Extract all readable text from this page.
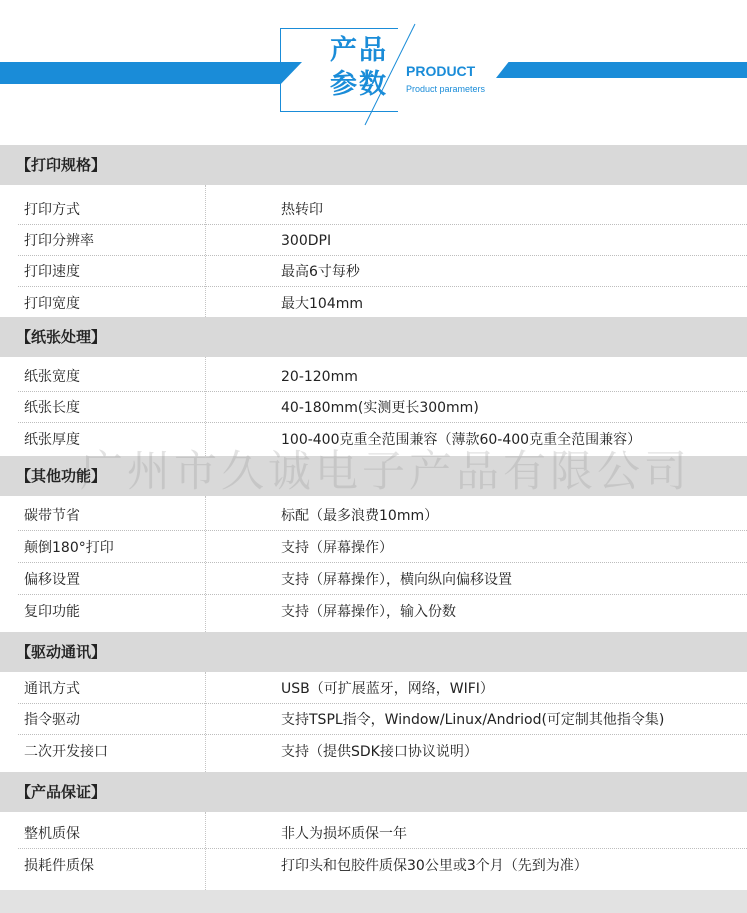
产品
参数	PRODUCT
Product parameters
【打印规格】
打印方式	热转印
打印分辨率	300DPI
打印速度	最高6寸每秒
打印宽度	最大104mm
【纸张处理】
纸张宽度	20-120mm
纸张长度	40-180mm(实测更长300mm)
纸张厚度	100-400克重全范围兼容（薄款60-400克重全范围兼容）
【其他功能】
碳带节省	标配（最多浪费10mm）
颠倒180°打印	支持（屏幕操作）
偏移设置	支持（屏幕操作），横向纵向偏移设置
复印功能	支持（屏幕操作），输入份数
【驱动通讯】
通讯方式	USB（可扩展蓝牙，网络，WIFI）
指令驱动	支持TSPL指令，Window/Linux/Andriod(可定制其他指令集)
二次开发接口	支持（提供SDK接口协议说明）
【产品保证】
整机质保	非人为损坏质保一年
损耗件质保	打印头和包胶件质保30公里或3个月（先到为准）
广州市久诚电子产品有限公司
